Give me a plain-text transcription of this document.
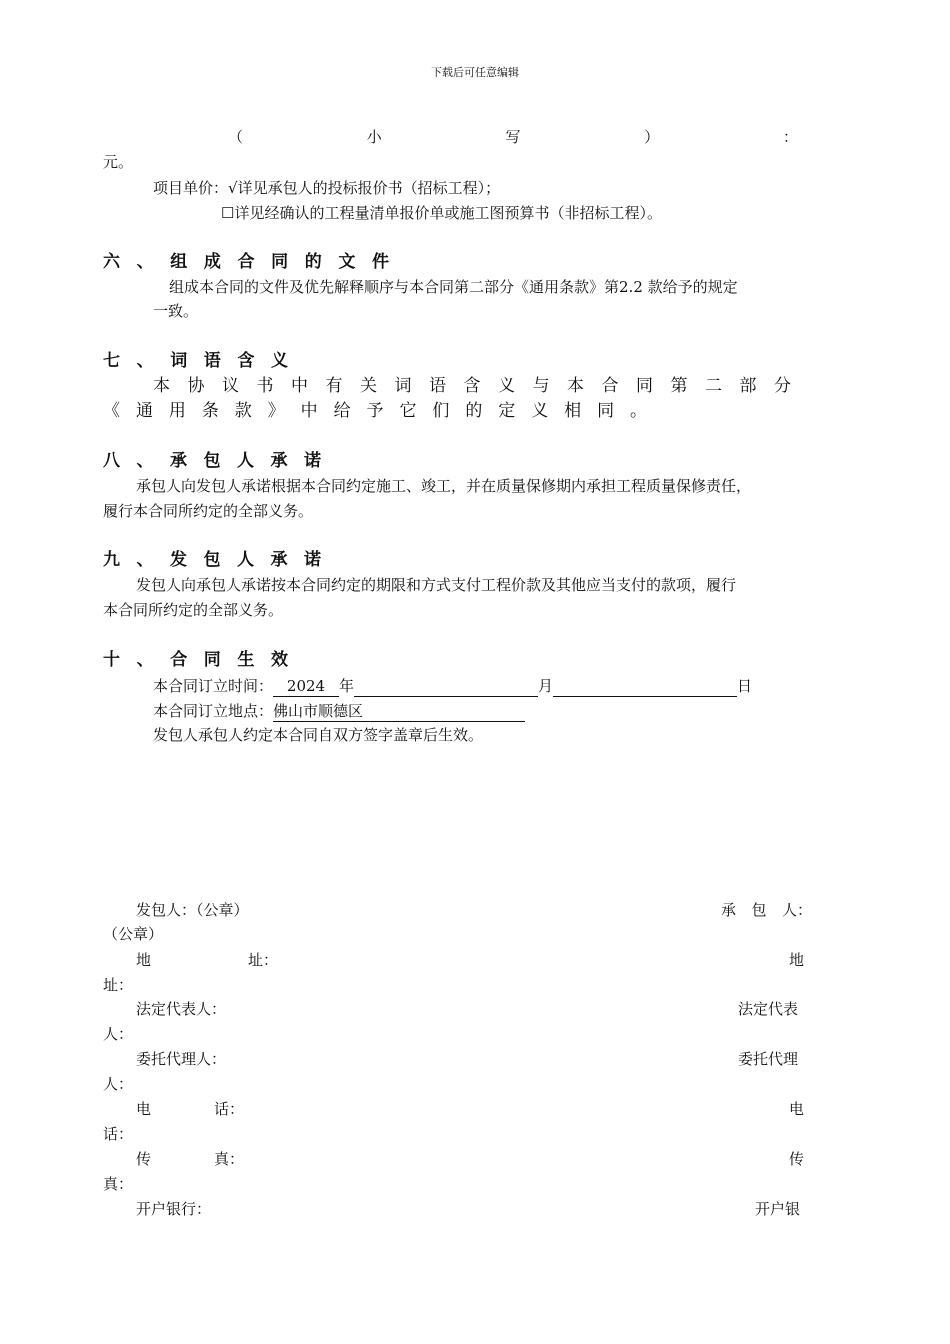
下载后可任意编辑
（	小	写	）	：
元。
项目单价：√详见承包人的投标报价书（招标工程）；
☐详见经确认的工程量清单报价单或施工图预算书（非招标工程）。
六 、 组 成 合 同 的 文 件
组成本合同的文件及优先解释顺序与本合同第二部分《通用条款》第2.2 款给予的规定
一致。
七 、 词 语 含 义
本 协 议 书 中 有 关 词 语 含 义 与 本 合 同 第 二 部 分
《 通 用 条 款 》 中 给 予 它 们 的 定 义 相 同 。
八 、 承 包 人 承 诺
承包人向发包人承诺根据本合同约定施工、竣工，并在质量保修期内承担工程质量保修责任，
履行本合同所约定的全部义务。
九 、 发 包 人 承 诺
发包人向承包人承诺按本合同约定的期限和方式支付工程价款及其他应当支付的款项，履行
本合同所约定的全部义务。
十 、 合 同 生 效
本合同订立时间： 2024 年	月	日
本合同订立地点：佛山市顺德区
发包人承包人约定本合同自双方签字盖章后生效。
发包人：（公章）	承 包 人：
（公章）
地	址：	地
址：
法定代表人：	法定代表
人：
委托代理人：	委托代理
人：
电	话：	电
话：
传	真：	传
真：
开户银行：	开户银
